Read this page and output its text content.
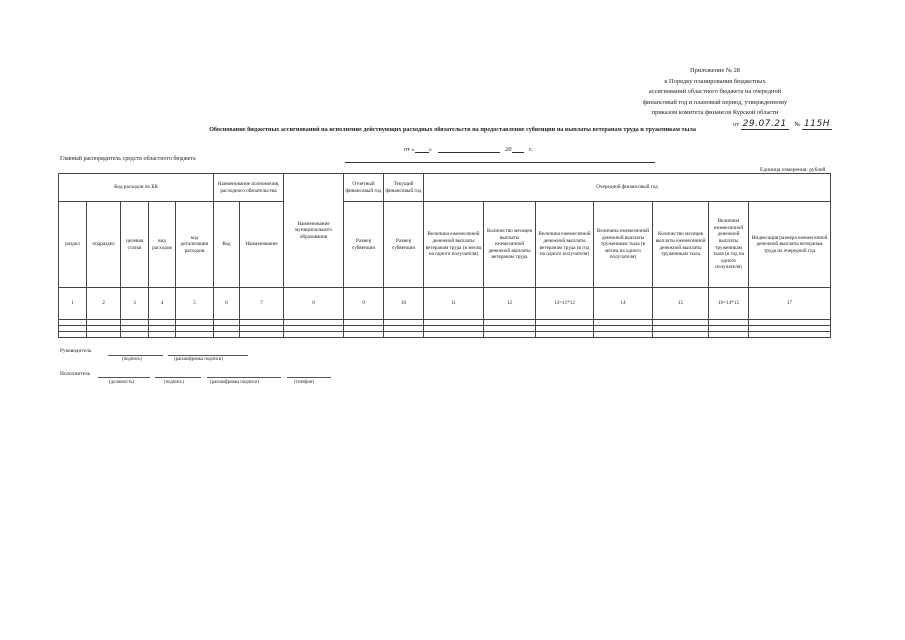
Приложение № 28
к Порядку планирования бюджетных
ассигнований областного бюджета на очередной
финансовый год и плановый период, утвержденному
приказом комитета финансов Курской области
от 29.07.21 № 115Н
Обоснование бюджетных ассигнований на исполнение действующих расходных обязательств на предоставление субвенции на выплаты ветеранам труда и труженикам тыла
от « »	20	г.
Главный распорядитель средств областного бюджета
Единица измерения: рублей
Код расходов по БК					Наименование полномочия, расходного обязательства		Наименование муниципального образования	Отчетный финансовый год	Текущий финансовый год	Очередной финансовый год						
раздел	подраздел	целевая статья	вид расходов	код детализации расходов	Код	Наименование		Размер субвенции	Размер субвенции	Величина ежемесячной денежной выплаты ветеранам труда (в месяц на одного получателя)	Количество месяцев выплаты ежемесячной денежной выплаты ветеранам труда	Величина ежемесячной денежной выплаты ветеранам труда (в год на одного получателя)	Величина ежемесячной денежной выплаты труженикам тыла (в месяц на одного получателя)	Количество месяцев выплаты ежемесячной денежной выплаты труженикам тыла	Величина ежемесячной денежной выплаты труженикам тыла (в год на одного получателя)	Индексация размера ежемесячной денежной выплаты ветеранам труда на очередной год
1	2	3	4	5	6	7	8	9	10	11	12	13=11*12	14	15	16=14*15	17

Руководитель
(подпись)	(расшифровка подписи)
Исполнитель
(должность)	(подпись)	(расшифровка подписи)	(телефон)
